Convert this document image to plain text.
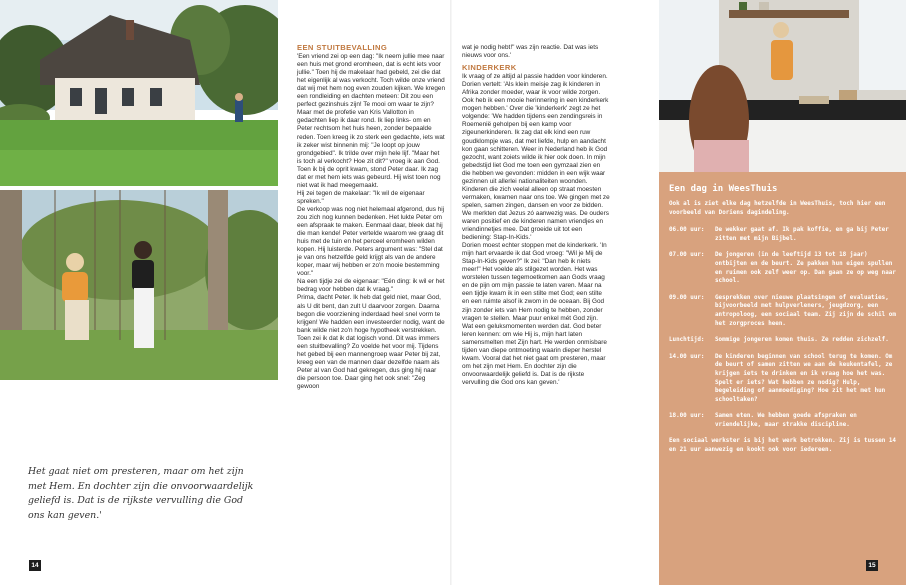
Het gaat niet om presteren, maar om het zijn met Hem. En dochter zijn die onvoorwaardelijk geliefd is. Dat is de rijkste vervulling die God ons kan geven.'
14
EEN STUITBEVALLING

'Een vriend zei op een dag: "Ik neem jullie mee naar een huis met grond eromheen, dat is echt iets voor jullie." Toen hij de makelaar had gebeld, zei die dat het eigenlijk al was verkocht. Toch wilde onze vriend dat wij met hem nog even zouden kijken. We kregen een rondleiding en dachten meteen: Dit zou een perfect gezinshuis zijn! Te mooi om waar te zijn? Maar met de profetie van Kris Vallotton in gedachten liep ik daar rond. Ik liep links- om en Peter rechtsom het huis heen, zonder bepaalde reden. Toen kreeg ik zo sterk een gedachte, iets wat ik zeker wist binnenin mij: "Je loopt op jouw grondgebied". Ik trilde over mijn hele lijf. "Maar het is toch al verkocht? Hoe zit dit?" vroeg ik aan God. Toen ik bij de oprit kwam, stond Peter daar. Ik zag dat er met hem iets was gebeurd. Hij wist toen nog niet wat ik had meegemaakt.

Hij zei tegen de makelaar: "Ik wil de eigenaar spreken."

De verkoop was nog niet helemaal afgerond, dus hij zou zich nog kunnen bedenken. Het lukte Peter om een afspraak te maken. Eenmaal daar, bleek dat hij die man kende! Peter vertelde waarom we graag dit huis met de tuin en het perceel eromheen wilden kopen. Hij luisterde. Peters argument was: "Stel dat je van ons hetzelfde geld krijgt als van de andere koper, maar wij hebben er zo'n mooie bestemming voor."

Na een tijdje zei de eigenaar: "Eén ding: ik wil er het bedrag voor hebben dat ik vraag."

Prima, dacht Peter. Ik heb dat geld niet, maar God, als U dit bent, dan zult U daarvoor zorgen. Daarna begon die voorziening inderdaad heel snel vorm te krijgen! We hadden een investeerder nodig, want de bank wilde niet zo'n hoge hypotheek verstrekken. Toen zei ik dat ik dat logisch vond. Dit was immers een stuitbevalling? Zo voelde het voor mij. Tijdens het gebed bij een mannengroep waar Peter bij zat, kreeg een van de mannen daar dezelfde naam als Peter al van God had gekregen, dus ging hij naar die persoon toe. Daar ging het ook snel: "Zeg gewoon

wat je nodig hebt!" was zijn reactie. Dat was iets nieuws voor ons.'

KINDERKERK

Ik vraag of ze altijd al passie hadden voor kinderen. Dorien vertelt: 'Als klein meisje zag ik kinderen in Afrika zonder moeder, waar ik voor wilde zorgen. Ook heb ik een mooie herinnering in een kinderkerk mogen hebben.' Over die 'kinderkerk' zegt ze het volgende: 'We hadden tijdens een zendingsreis in Roemenië geholpen bij een kamp voor zigeunerkinderen. Ik zag dat elk kind een ruw goudklompje was, dat met liefde, hulp en aandacht kon gaan schitteren. Weer in Nederland heb ik God gezocht, want zoiets wilde ik hier ook doen. In mijn gebedstijd liet God me toen een gymzaal zien en die hebben we gevonden: midden in een wijk waar gezinnen uit allerlei nationaliteiten woonden. Kinderen die zich veelal alleen op straat moesten vermaken, kwamen naar ons toe. We gingen met ze spelen, samen zingen, dansen en voor ze bidden. We merkten dat Jezus zó aanwezig was. De ouders waren positief en de kinderen namen vriendjes en vriendinnetjes mee. Dat groeide uit tot een bediening: Stap-In-Kids.'

Dorien moest echter stoppen met de kinderkerk. 'In mijn hart ervaarde ik dat God vroeg: "Wil je Mij de Stap-In-Kids geven?" Ik zei: "Dan heb ik niets meer!" Het voelde als stilgezet worden. Het was worstelen tussen tegemoetkomen aan Gods vraag en de pijn om mijn passie te laten varen. Maar na een tijdje kwam ik in een stilte met God; een stilte en een ruimte alsof ik zwom in de oceaan. Bij God zijn zonder iets van Hem nodig te hebben, zonder vragen te stellen. Maar puur enkel mét God zijn. Wat een geluksmomenten werden dat. God beter leren kennen: om wie Hij is, mijn hart laten samensmelten met Zijn hart. He werden onmisbare tijden van diepe ontmoeting waarin dieper herstel kwam. Vooral dat het niet gaat om presteren, maar om het zijn met Hem. En dochter zijn die onvoorwaardelijk geliefd is. Dat is de rijkste vervulling die God ons kan geven.'

Een dag in WeesThuis
Ook al is ziet elke dag hetzelfde in WeesThuis, toch hier een voorbeeld van Doriens dagindeling.
06.00 uur:	De wekker gaat af. Ik pak koffie, en ga bij Peter zitten met mijn Bijbel.
07.00 uur:	De jongeren (in de leeftijd 13 tot 18 jaar) ontbijten en de beurt. Ze pakken hun eigen spullen en ruimen ook zelf weer op. Dan gaan ze op weg naar school.
09.00 uur:	Gesprekken over nieuwe plaatsingen of evaluaties, bijvoorbeeld met hulpverleners, jeugdzorg, een antropoloog, een sociaal team. Zij zijn de schil om het zorgproces heen.
Lunchtijd:	Sommige jongeren komen thuis. Ze redden zichzelf.
14.00 uur:	De kinderen beginnen van school terug te komen. Om de beurt of samen zitten we aan de keukentafel, ze krijgen iets te drinken en ik vraag hoe het was. Spelt er iets? Wat hebben ze nodig? Hulp, begeleiding of aanmoediging? Hoe zit het met hun schooltaken?
18.00 uur:	Samen eten. We hebben goede afspraken en vriendelijke, maar strakke discipline.
Een sociaal werkster is bij het werk betrokken. Zij is tussen 14 en 21 uur aanwezig en kookt ook voor iedereen.
15
